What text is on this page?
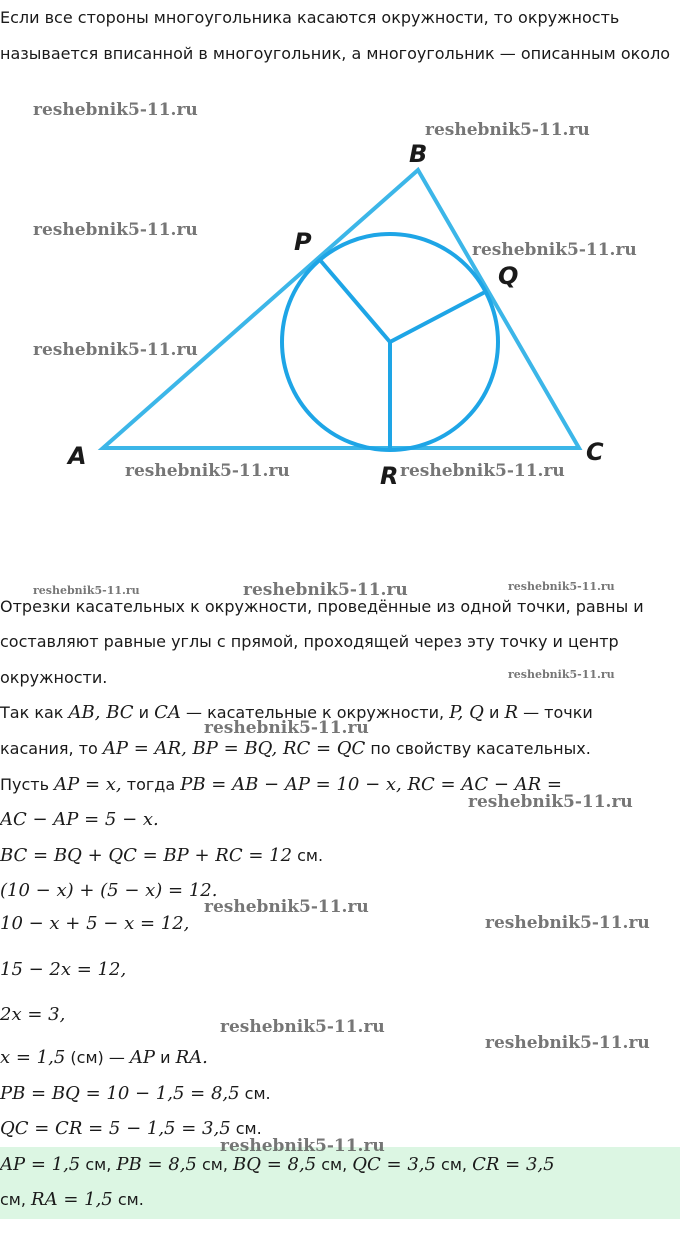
Если все стороны многоугольника касаются окружности, то окружность
называется вписанной в многоугольник, а многоугольник — описанным около
B
P
Q
A	C
R
reshebnik5-11.ru
reshebnik5-11.ru
reshebnik5-11.ru
reshebnik5-11.ru
reshebnik5-11.ru
reshebnik5-11.ru	reshebnik5-11.ru
reshebnik5-11.ru	reshebnik5-11.ru	reshebnik5-11.ru
reshebnik5-11.ru
reshebnik5-11.ru
reshebnik5-11.ru
reshebnik5-11.ru
reshebnik5-11.ru
reshebnik5-11.ru
reshebnik5-11.ru
Отрезки касательных к окружности, проведённые из одной точки, равны и
составляют равные углы с прямой, проходящей через эту точку и центр
окружности.
Так как AB, BC и CA — касательные к окружности, P, Q и R — точки
касания, то AP = AR, BP = BQ, RC = QC по свойству касательных.
Пусть AP = x, тогда PB = AB − AP = 10 − x, RC = AC − AR =
AC − AP = 5 − x.
BC = BQ + QC = BP + RC = 12 см.
(10 − x) + (5 − x) = 12.
10 − x + 5 − x = 12,
15 − 2x = 12,
2x = 3,
x = 1,5 (см) — AP и RA.
PB = BQ = 10 − 1,5 = 8,5 см.
QC = CR = 5 − 1,5 = 3,5 см.
reshebnik5-11.ru
AP = 1,5 см, PB = 8,5 см, BQ = 8,5 см, QC = 3,5 см, CR = 3,5
см, RA = 1,5 см.
